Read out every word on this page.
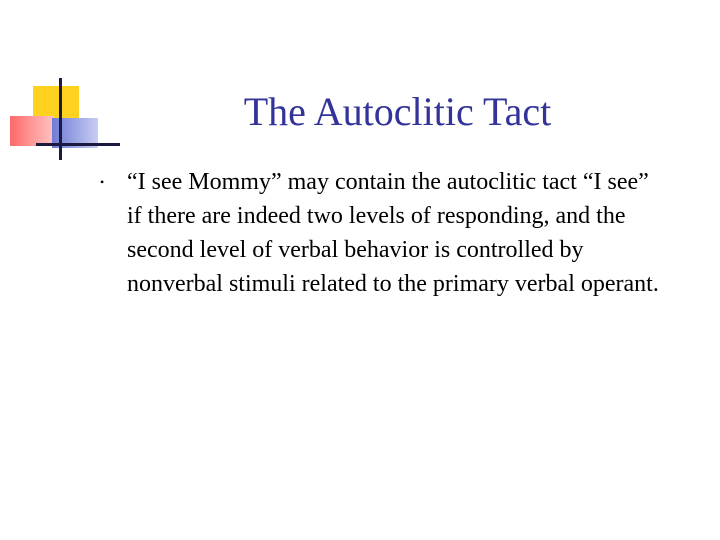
The Autoclitic Tact
• “I see Mommy” may contain the autoclitic tact “I see” if there are indeed two levels of responding, and the second level of verbal behavior is controlled by nonverbal stimuli related to the primary verbal operant.
